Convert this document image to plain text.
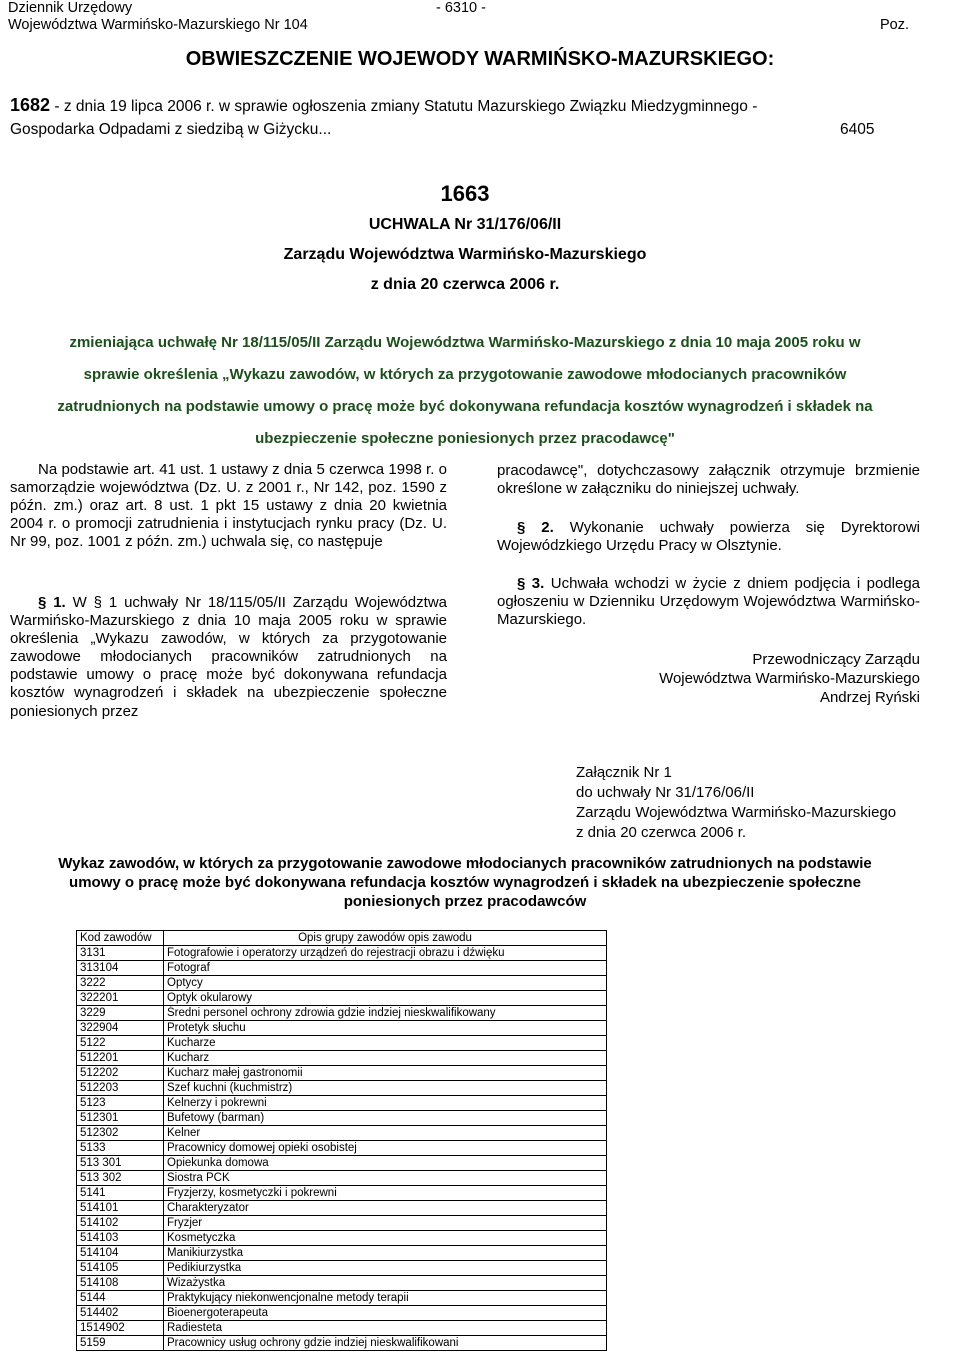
Dziennik Urzędowy
Województwa Warmińsko-Mazurskiego Nr 104
- 6310 -
Poz.
OBWIESZCZENIE WOJEWODY WARMIŃSKO-MAZURSKIEGO:
1682 - z dnia 19 lipca 2006 r. w sprawie ogłoszenia zmiany Statutu Mazurskiego Związku Miedzygminnego -
Gospodarka Odpadami z siedzibą w Giżycku...	6405
1663
UCHWALA Nr 31/176/06/II
Zarządu Województwa Warmińsko-Mazurskiego
z dnia 20 czerwca 2006 r.
zmieniająca uchwałę Nr 18/115/05/II Zarządu Województwa Warmińsko-Mazurskiego z dnia 10 maja 2005 roku w
sprawie określenia „Wykazu zawodów, w których za przygotowanie zawodowe młodocianych pracowników
zatrudnionych na podstawie umowy o pracę może być dokonywana refundacja kosztów wynagrodzeń i składek na
ubezpieczenie społeczne poniesionych przez pracodawcę"
Na podstawie art. 41 ust. 1 ustawy z dnia 5 czerwca 1998 r. o samorządzie województwa (Dz. U. z 2001 r., Nr 142, poz. 1590 z późn. zm.) oraz art. 8 ust. 1 pkt 15 ustawy z dnia 20 kwietnia 2004 r. o promocji zatrudnienia i instytucjach rynku pracy (Dz. U. Nr 99, poz. 1001 z późn. zm.) uchwala się, co następuje
§ 1. W § 1 uchwały Nr 18/115/05/II Zarządu Województwa Warmińsko-Mazurskiego z dnia 10 maja 2005 roku w sprawie określenia „Wykazu zawodów, w których za przygotowanie zawodowe młodocianych pracowników zatrudnionych na podstawie umowy o pracę może być dokonywana refundacja kosztów wynagrodzeń i składek na ubezpieczenie społeczne poniesionych przez
pracodawcę", dotychczasowy załącznik otrzymuje brzmienie określone w załączniku do niniejszej uchwały.
§ 2. Wykonanie uchwały powierza się Dyrektorowi Wojewódzkiego Urzędu Pracy w Olsztynie.
§ 3. Uchwała wchodzi w życie z dniem podjęcia i podlega ogłoszeniu w Dzienniku Urzędowym Województwa Warmińsko-Mazurskiego.
Przewodniczący Zarządu
Województwa Warmińsko-Mazurskiego
Andrzej Ryński
Załącznik Nr 1
do uchwały Nr 31/176/06/II
Zarządu Województwa Warmińsko-Mazurskiego
z dnia 20 czerwca 2006 r.
Wykaz zawodów, w których za przygotowanie zawodowe młodocianych pracowników zatrudnionych na podstawie
umowy o pracę może być dokonywana refundacja kosztów wynagrodzeń i składek na ubezpieczenie społeczne
poniesionych przez pracodawców
Kod zawodów	Opis grupy zawodów opis zawodu
3131	Fotografowie i operatorzy urządzeń do rejestracji obrazu i dźwięku
313104	Fotograf
3222	Optycy
322201	Optyk okularowy
3229	Średni personel ochrony zdrowia gdzie indziej nieskwalifikowany
322904	Protetyk słuchu
5122	Kucharze
512201	Kucharz
512202	Kucharz małej gastronomii
512203	Szef kuchni (kuchmistrz)
5123	Kelnerzy i pokrewni
512301	Bufetowy (barman)
512302	Kelner
5133	Pracownicy domowej opieki osobistej
513 301	Opiekunka domowa
513 302	Siostra PCK
5141	Fryzjerzy, kosmetyczki i pokrewni
514101	Charakteryzator
514102	Fryzjer
514103	Kosmetyczka
514104	Manikiurzystka
514105	Pedikiurzystka
514108	Wizażystka
5144	Praktykujący niekonwencjonalne metody terapii
514402	Bioenergoterapeuta
1514902	Radiesteta
5159	Pracownicy usług ochrony gdzie indziej nieskwalifikowani
